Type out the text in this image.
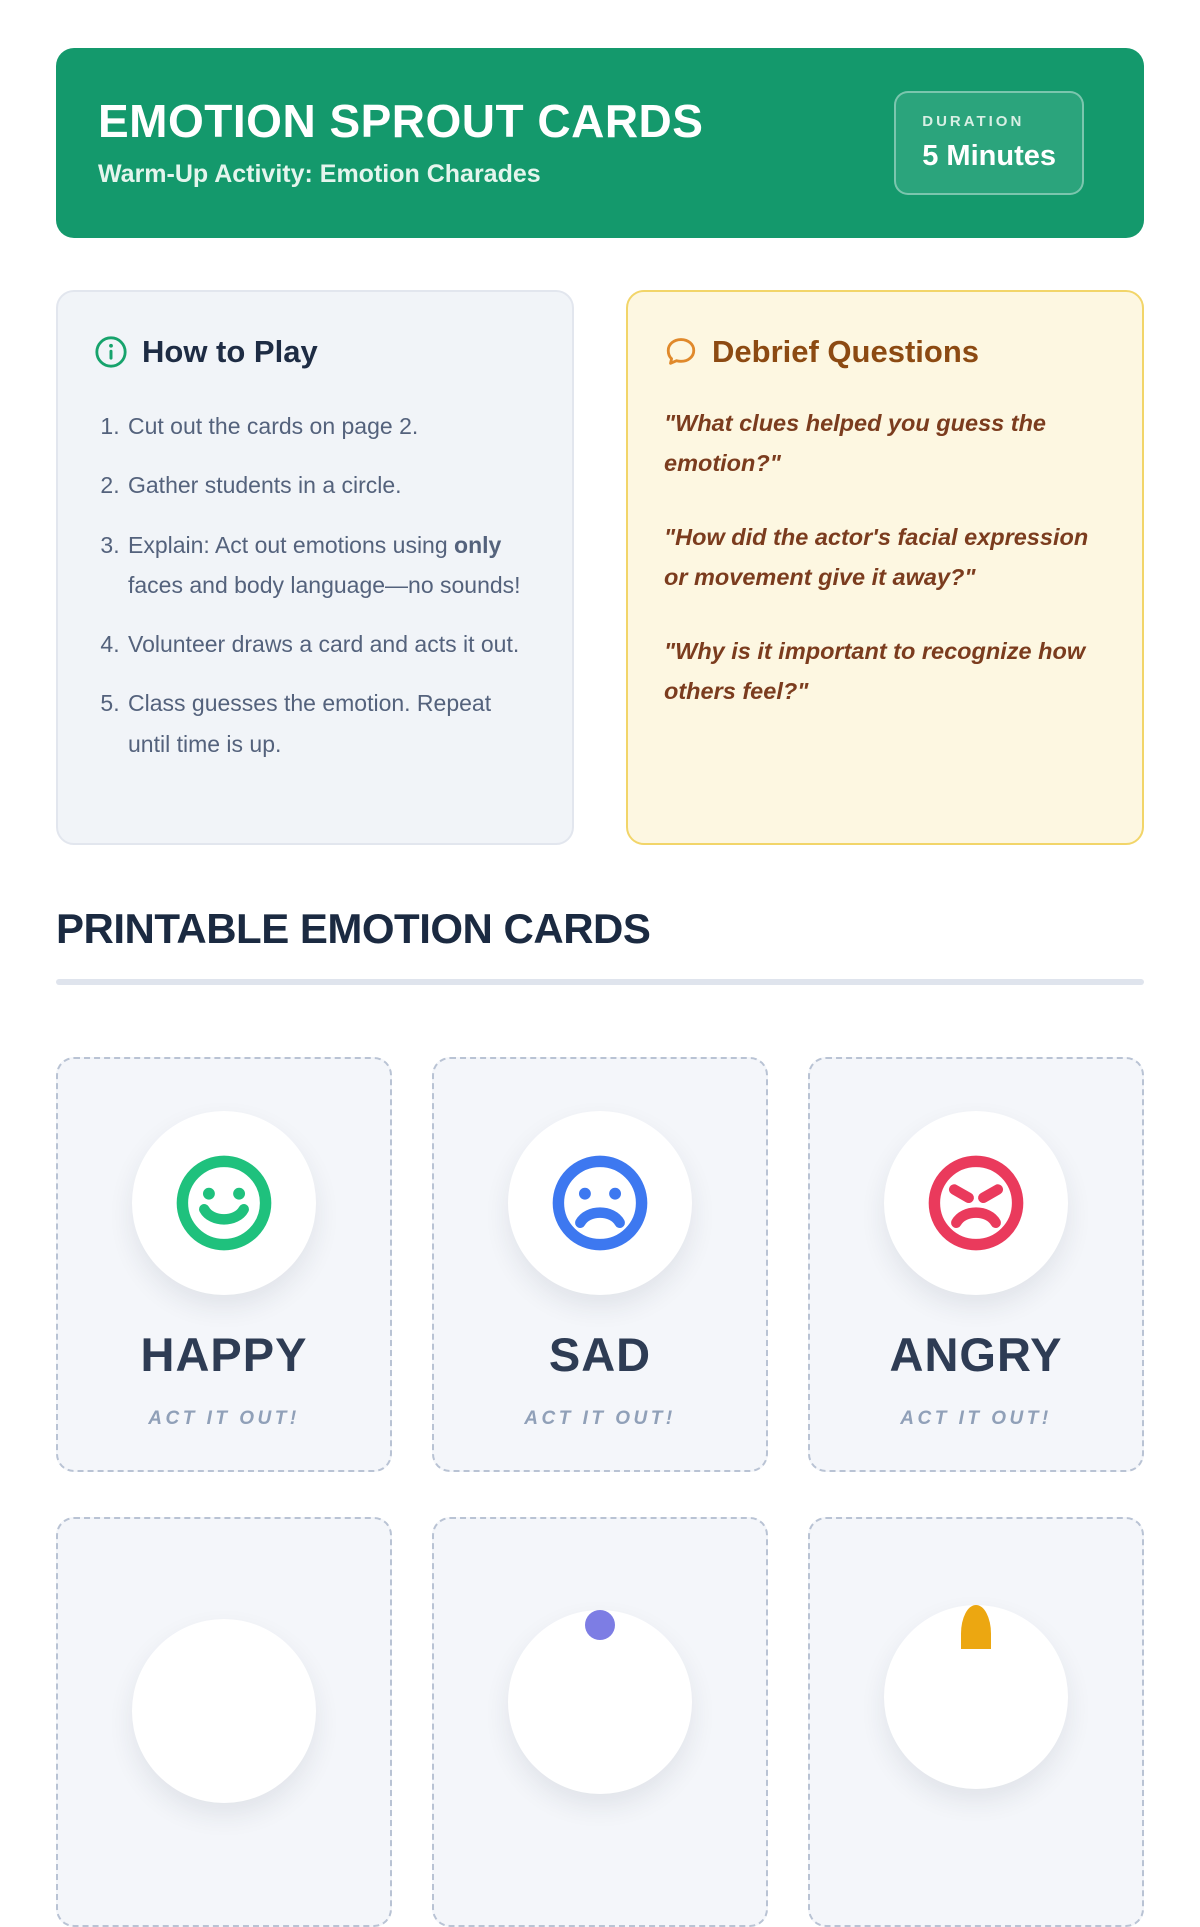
EMOTION SPROUT CARDS
Warm-Up Activity: Emotion Charades
DURATION
5 Minutes
How to Play
1. Cut out the cards on page 2.
2. Gather students in a circle.
3. Explain: Act out emotions using only faces and body language—no sounds!
4. Volunteer draws a card and acts it out.
5. Class guesses the emotion. Repeat until time is up.
Debrief Questions

"What clues helped you guess the emotion?"

"How did the actor's facial expression or movement give it away?"

"Why is it important to recognize how others feel?"

PRINTABLE EMOTION CARDS
HAPPY
ACT IT OUT!
SAD
ACT IT OUT!
ANGRY
ACT IT OUT!
